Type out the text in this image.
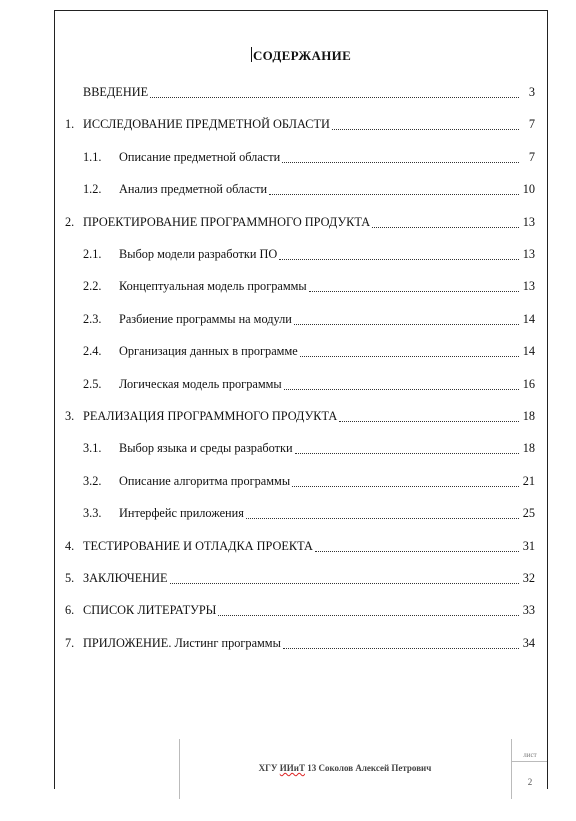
СОДЕРЖАНИЕ
ВВЕДЕНИЕ	3
1. ИССЛЕДОВАНИЕ ПРЕДМЕТНОЙ ОБЛАСТИ	7
1.1.	Описание предметной области	7
1.2.	Анализ предметной области	10
2. ПРОЕКТИРОВАНИЕ ПРОГРАММНОГО ПРОДУКТА	13
2.1.	Выбор модели разработки ПО	13
2.2.	Концептуальная модель программы	13
2.3.	Разбиение программы на модули	14
2.4.	Организация данных в программе	14
2.5.	Логическая модель программы	16
3. РЕАЛИЗАЦИЯ ПРОГРАММНОГО ПРОДУКТА	18
3.1.	Выбор языка и среды разработки	18
3.2.	Описание алгоритма программы	21
3.3.	Интерфейс приложения	25
4. ТЕСТИРОВАНИЕ И ОТЛАДКА ПРОЕКТА	31
5. ЗАКЛЮЧЕНИЕ	32
6. СПИСОК ЛИТЕРАТУРЫ	33
7. ПРИЛОЖЕНИЕ. Листинг программы	34
ХГУ ИИиТ 13 Соколов Алексей Петрович
лист
2
